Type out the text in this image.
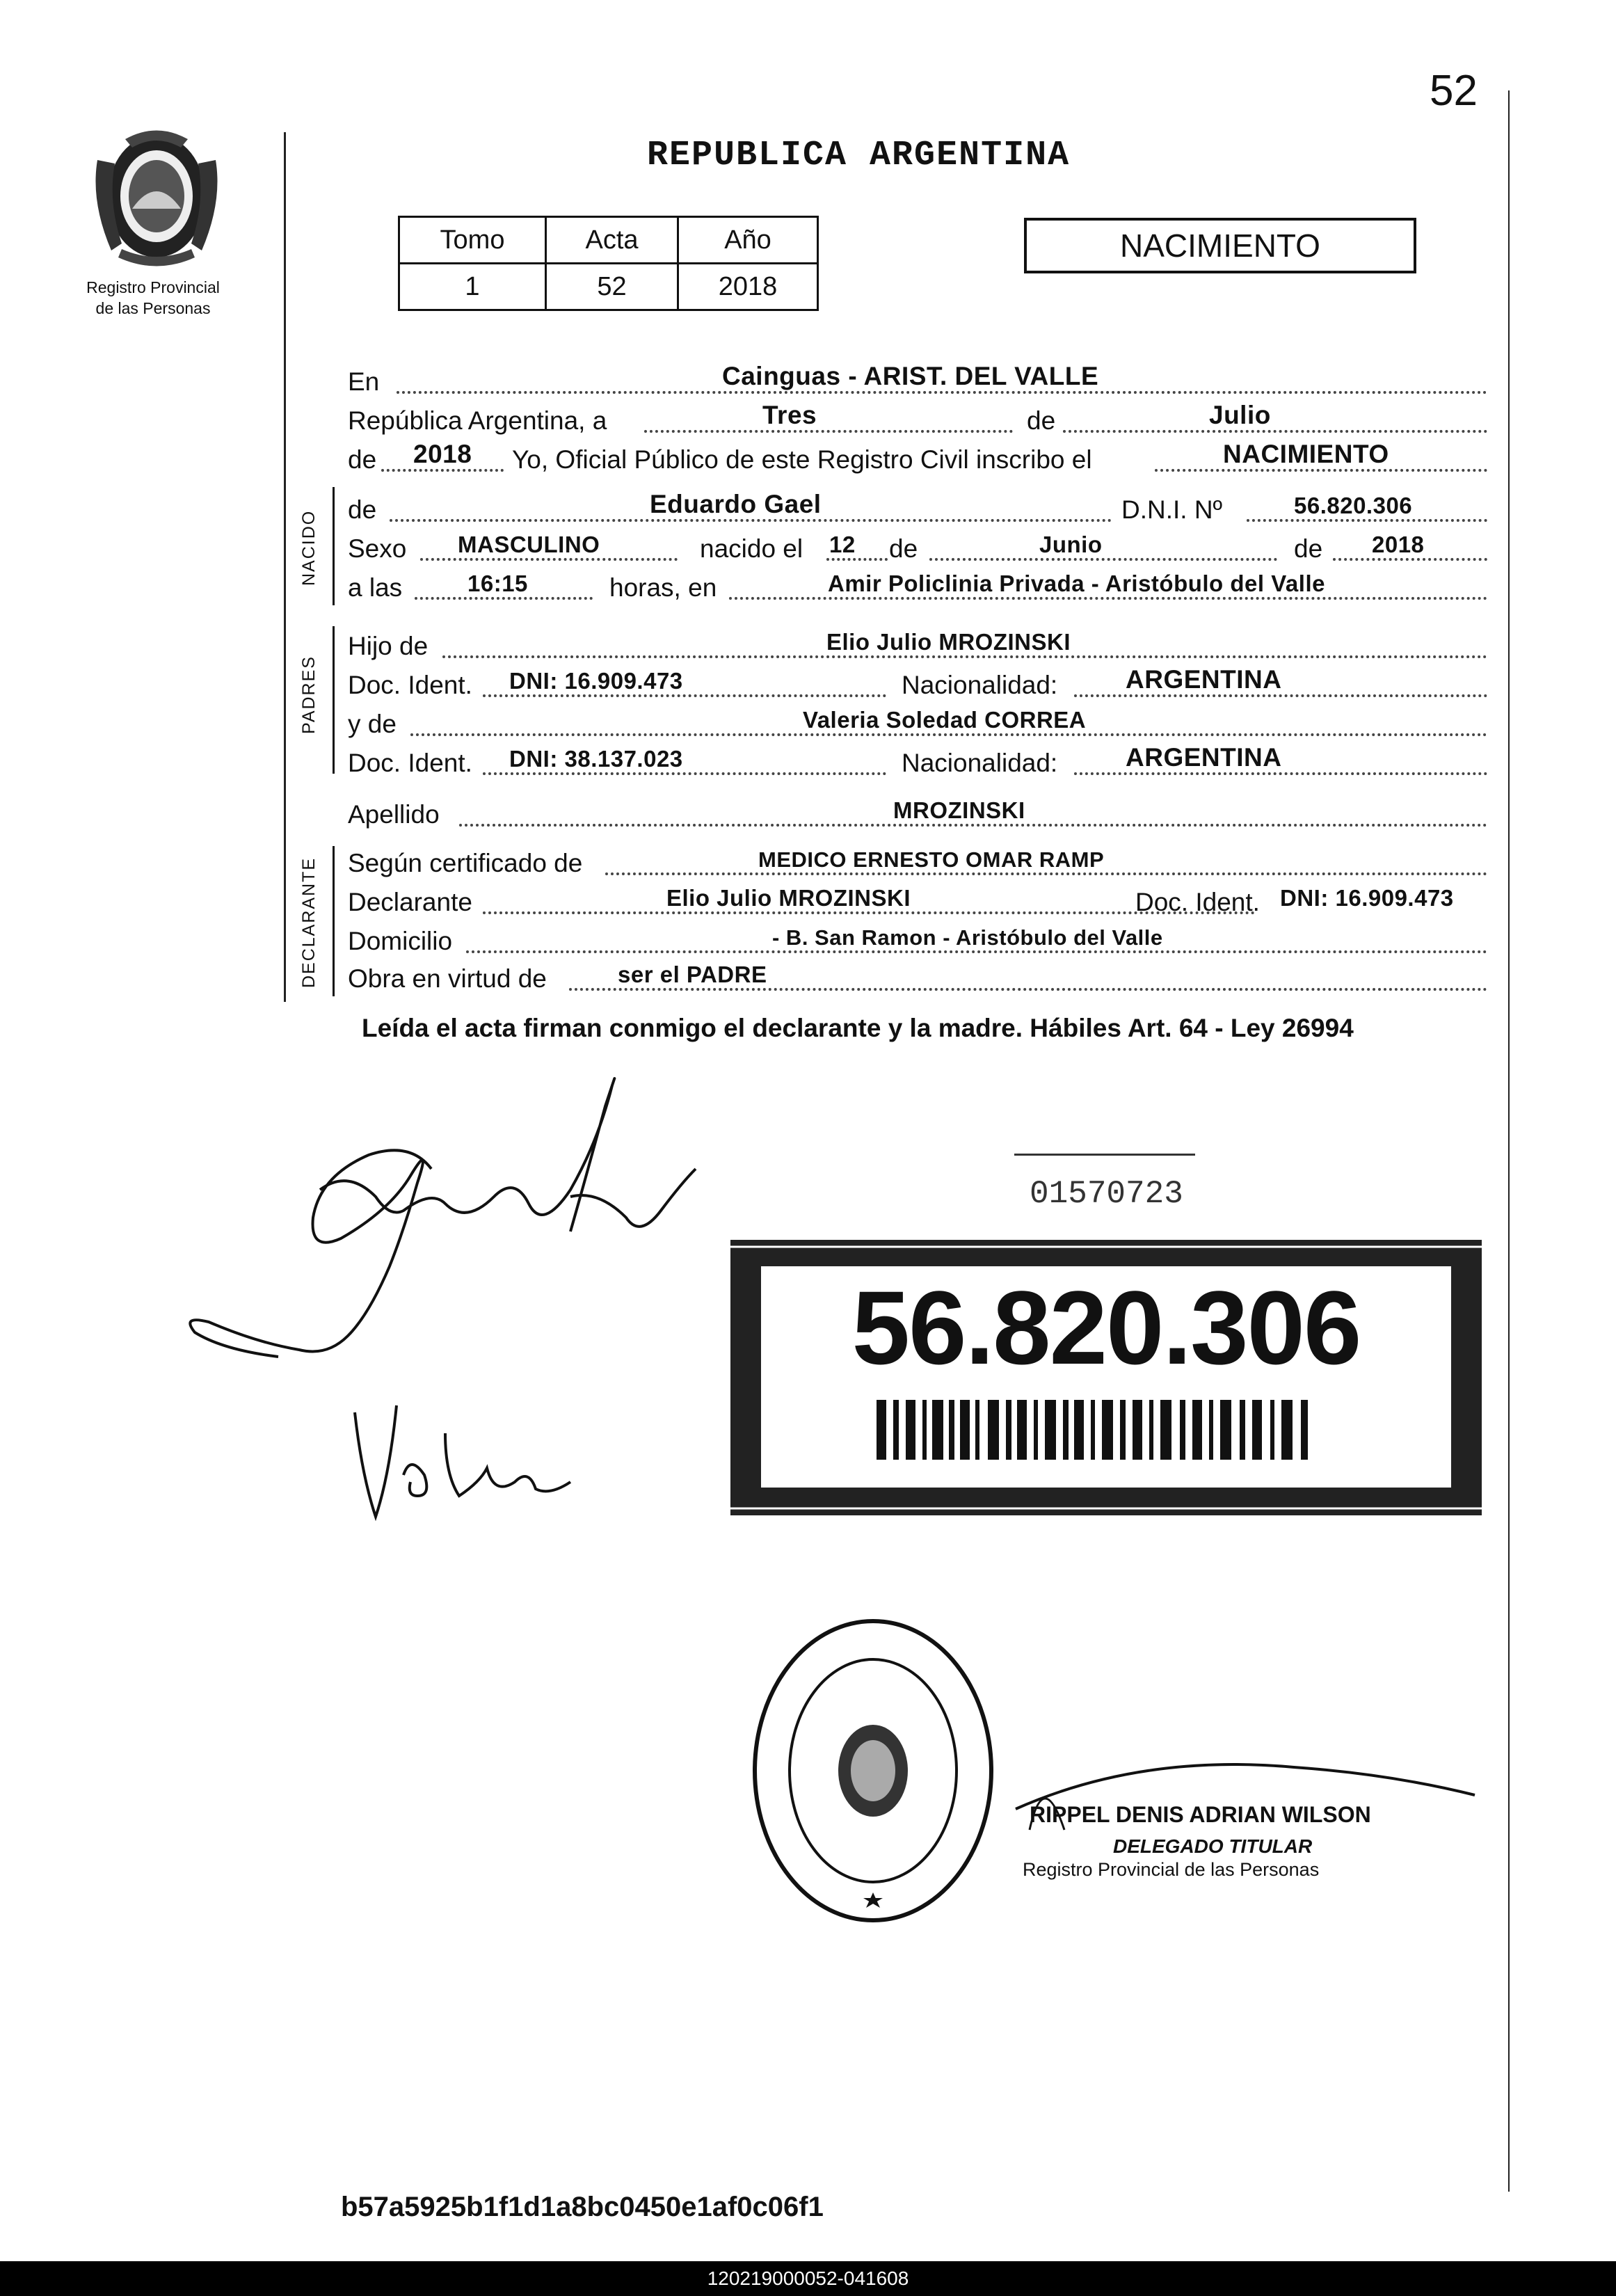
52
Registro Provincial
de las Personas
REPUBLICA ARGENTINA
Tomo	Acta	Año
1	52	2018
NACIMIENTO
En	Cainguas - ARIST. DEL VALLE
República Argentina, a	Tres	de	Julio
de 2018 Yo, Oficial Público de este Registro Civil inscribo el	NACIMIENTO
NACIDO
de	Eduardo Gael	D.N.I. Nº	56.820.306
Sexo MASCULINO	nacido el 12 de	Junio	de 2018
a las	16:15	horas, en	Amir Policlinia Privada - Aristóbulo del Valle
PADRES
Hijo de	Elio Julio MROZINSKI
Doc. Ident. DNI: 16.909.473	Nacionalidad:	ARGENTINA
y de	Valeria Soledad CORREA
Doc. Ident. DNI: 38.137.023	Nacionalidad:	ARGENTINA
Apellido	MROZINSKI
DECLARANTE Según certificado de	MEDICO ERNESTO OMAR RAMP
Declarante	Elio Julio MROZINSKI	Doc. Ident. DNI: 16.909.473
Domicilio	- B. San Ramon - Aristóbulo del Valle
Obra en virtud de	ser el PADRE
Leída el acta firman conmigo el declarante y la madre. Hábiles Art. 64 - Ley 26994
01570723
56.820.306
RIPPEL DENIS ADRIAN WILSON
DELEGADO TITULAR
Registro Provincial de las Personas
b57a5925b1f1d1a8bc0450e1af0c06f1
120219000052-041608
